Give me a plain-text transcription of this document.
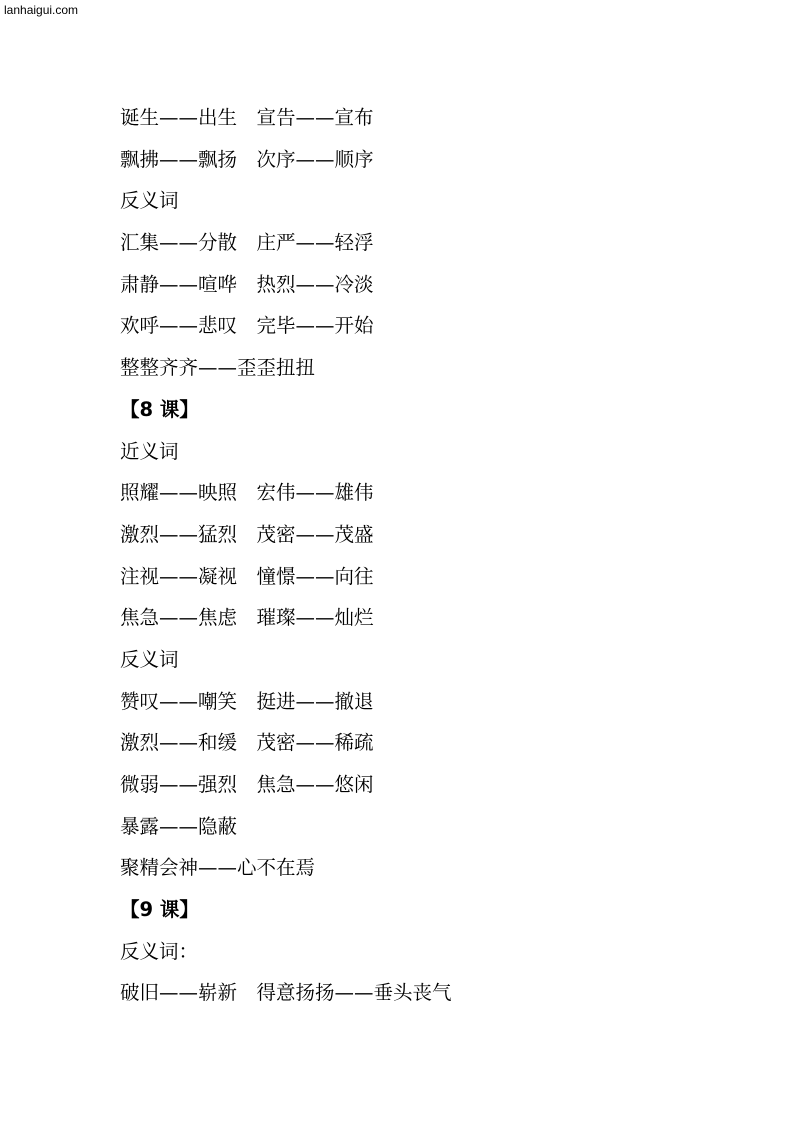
lanhaigui.com
诞生——出生　宣告——宣布
飘拂——飘扬　次序——顺序
反义词
汇集——分散　庄严——轻浮
肃静——喧哗　热烈——冷淡
欢呼——悲叹　完毕——开始
整整齐齐——歪歪扭扭
【8 课】
近义词
照耀——映照　宏伟——雄伟
激烈——猛烈　茂密——茂盛
注视——凝视　憧憬——向往
焦急——焦虑　璀璨——灿烂
反义词
赞叹——嘲笑　挺进——撤退
激烈——和缓　茂密——稀疏
微弱——强烈　焦急——悠闲
暴露——隐蔽
聚精会神——心不在焉
【9 课】
反义词：
破旧——崭新　得意扬扬——垂头丧气
